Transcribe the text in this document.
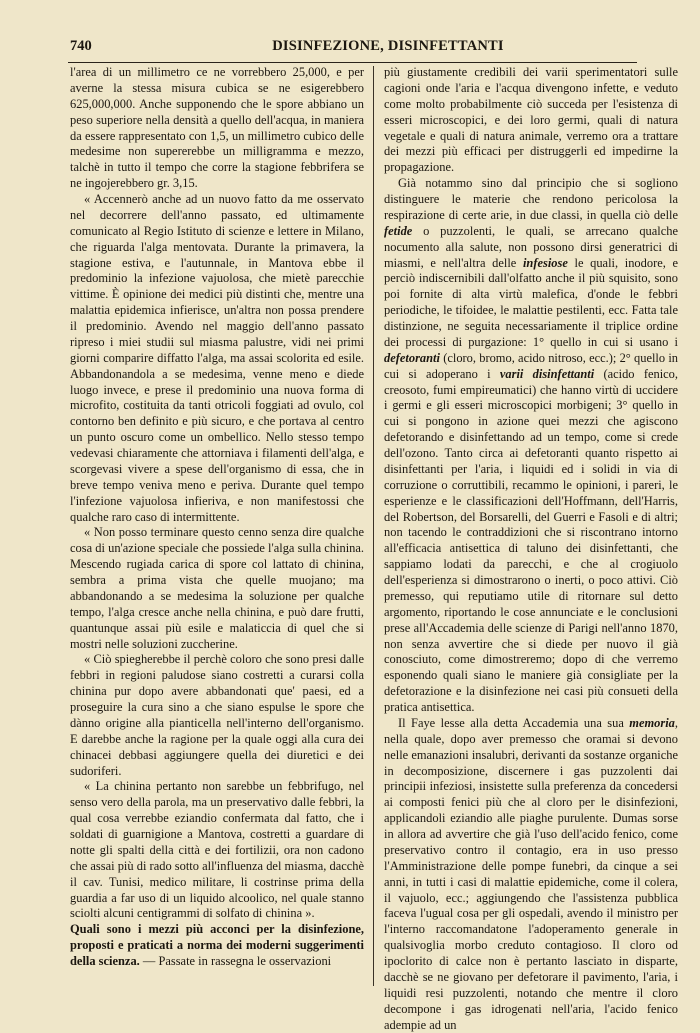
740	DISINFEZIONE, DISINFETTANTI

l'area di un millimetro ce ne vorrebbero 25,000, e per averne la stessa misura cubica se ne esigerebbero 625,000,000. Anche supponendo che le spore abbiano un peso superiore nella densità a quello dell'acqua, in maniera da essere rappresentato con 1,5, un millimetro cubico delle medesime non supererebbe un milligramma e mezzo, talchè in tutto il tempo che corre la stagione febbrifera se ne ingojerebbero gr. 3,15.

« Accennerò anche ad un nuovo fatto da me osservato nel decorrere dell'anno passato, ed ultimamente comunicato al Regio Istituto di scienze e lettere in Milano, che riguarda l'alga mentovata. Durante la primavera, la stagione estiva, e l'autunnale, in Mantova ebbe il predominio la infezione vajuolosa, che mietè parecchie vittime. È opinione dei medici più distinti che, mentre una malattia epidemica infierisce, un'altra non possa prendere il predominio. Avendo nel maggio dell'anno passato ripreso i miei studii sul miasma palustre, vidi nei primi giorni comparire diffatto l'alga, ma assai scolorita ed esile. Abbandonandola a se medesima, venne meno e diede luogo invece, e prese il predominio una nuova forma di microfito, costituita da tanti otricoli foggiati ad ovulo, col contorno ben definito e più sicuro, e che portava al centro un punto oscuro come un ombellico. Nello stesso tempo vedevasi chiaramente che attorniava i filamenti dell'alga, e scorgevasi vivere a spese dell'organismo di essa, che in breve tempo veniva meno e periva. Durante quel tempo l'infezione vajuolosa infieriva, e non manifestossi che qualche raro caso di intermittente.

« Non posso terminare questo cenno senza dire qualche cosa di un'azione speciale che possiede l'alga sulla chinina. Mescendo rugiada carica di spore col lattato di chinina, sembra a prima vista che quelle muojano; ma abbandonando a se medesima la soluzione per qualche tempo, l'alga cresce anche nella chinina, e può dare frutti, quantunque assai più esile e malaticcia di quel che si mostri nelle soluzioni zuccherine.

« Ciò spiegherebbe il perchè coloro che sono presi dalle febbri in regioni paludose siano costretti a curarsi colla chinina pur dopo avere abbandonati que' paesi, ed a proseguire la cura sino a che siano espulse le spore che dànno origine alla pianticella nell'interno dell'organismo. E darebbe anche la ragione per la quale oggi alla cura dei chinacei debbasi aggiungere quella dei diuretici e dei sudoriferi.

« La chinina pertanto non sarebbe un febbrifugo, nel senso vero della parola, ma un preservativo dalle febbri, la qual cosa verrebbe eziandio confermata dal fatto, che i soldati di guarnigione a Mantova, costretti a guardare di notte gli spalti della città e dei fortilizii, ora non cadono che assai più di rado sotto all'influenza del miasma, dacchè il cav. Tunisi, medico militare, li costrinse prima della guardia a far uso di un liquido alcoolico, nel quale stanno sciolti alcuni centigrammi di solfato di chinina ».

Quali sono i mezzi più acconci per la disinfezione, proposti e praticati a norma dei moderni suggerimenti della scienza. — Passate in rassegna le osservazioni

più giustamente credibili dei varii sperimentatori sulle cagioni onde l'aria e l'acqua divengono infette, e veduto come molto probabilmente ciò succeda per l'esistenza di esseri microscopici, e dei loro germi, quali di natura vegetale e quali di natura animale, verremo ora a trattare dei mezzi più efficaci per distruggerli ed impedirne la propagazione.

Già notammo sino dal principio che si sogliono distinguere le materie che rendono pericolosa la respirazione di certe arie, in due classi, in quella ciò delle fetide o puzzolenti, le quali, se arrecano qualche nocumento alla salute, non possono dirsi generatrici di miasmi, e nell'altra delle infesiose le quali, inodore, e perciò indiscernibili dall'olfatto anche il più squisito, sono poi fornite di alta virtù malefica, d'onde le febbri periodiche, le tifoidee, le malattie pestilenti, ecc. Fatta tale distinzione, ne seguita necessariamente il triplice ordine dei processi di purgazione: 1° quello in cui si usano i defetoranti (cloro, bromo, acido nitroso, ecc.); 2° quello in cui si adoperano i varii disinfettanti (acido fenico, creosoto, fumi empireumatici) che hanno virtù di uccidere i germi e gli esseri microscopici morbigeni; 3° quello in cui si pongono in azione quei mezzi che agiscono defetorando e disinfettando ad un tempo, come si crede dell'ozono. Tanto circa ai defetoranti quanto rispetto ai disinfettanti per l'aria, i liquidi ed i solidi in via di corruzione o corruttibili, recammo le opinioni, i pareri, le esperienze e le classificazioni dell'Hoffmann, dell'Harris, del Robertson, del Borsarelli, del Guerri e Fasoli e di altri; non tacendo le contraddizioni che si riscontrano intorno all'efficacia antisettica di taluno dei disinfettanti, che sappiamo lodati da parecchi, e che al crogiuolo dell'esperienza si dimostrarono o inerti, o poco attivi. Ciò premesso, qui reputiamo utile di ritornare sul detto argomento, riportando le cose annunciate e le conclusioni prese all'Accademia delle scienze di Parigi nell'anno 1870, non senza avvertire che si diede per nuovo il già conosciuto, come dimostreremo; dopo di che verremo esponendo quali siano le maniere già consigliate per la defetorazione e la disinfezione nei casi più consueti della pratica antisettica.

Il Faye lesse alla detta Accademia una sua memoria, nella quale, dopo aver premesso che oramai si devono nelle emanazioni insalubri, derivanti da sostanze organiche in decomposizione, discernere i gas puzzolenti dai principii infeziosi, insistette sulla preferenza da concedersi ai composti fenici più che al cloro per le disinfezioni, applicandoli eziandio alle piaghe purulente. Dumas sorse in allora ad avvertire che già l'uso dell'acido fenico, come preservativo contro il contagio, era in uso presso l'Amministrazione delle pompe funebri, da cinque a sei anni, in tutti i casi di malattie epidemiche, come il colera, il vajuolo, ecc.; aggiungendo che l'assistenza pubblica faceva l'ugual cosa per gli ospedali, avendo il ministro per l'interno raccomandatone l'adoperamento generale in qualsivoglia morbo creduto contagioso. Il cloro od ipoclorito di calce non è pertanto lasciato in disparte, dacchè se ne giovano per defetorare il pavimento, l'aria, i liquidi resi puzzolenti, notando che mentre il cloro decompone i gas idrogenati nell'aria, l'acido fenico adempie ad un
